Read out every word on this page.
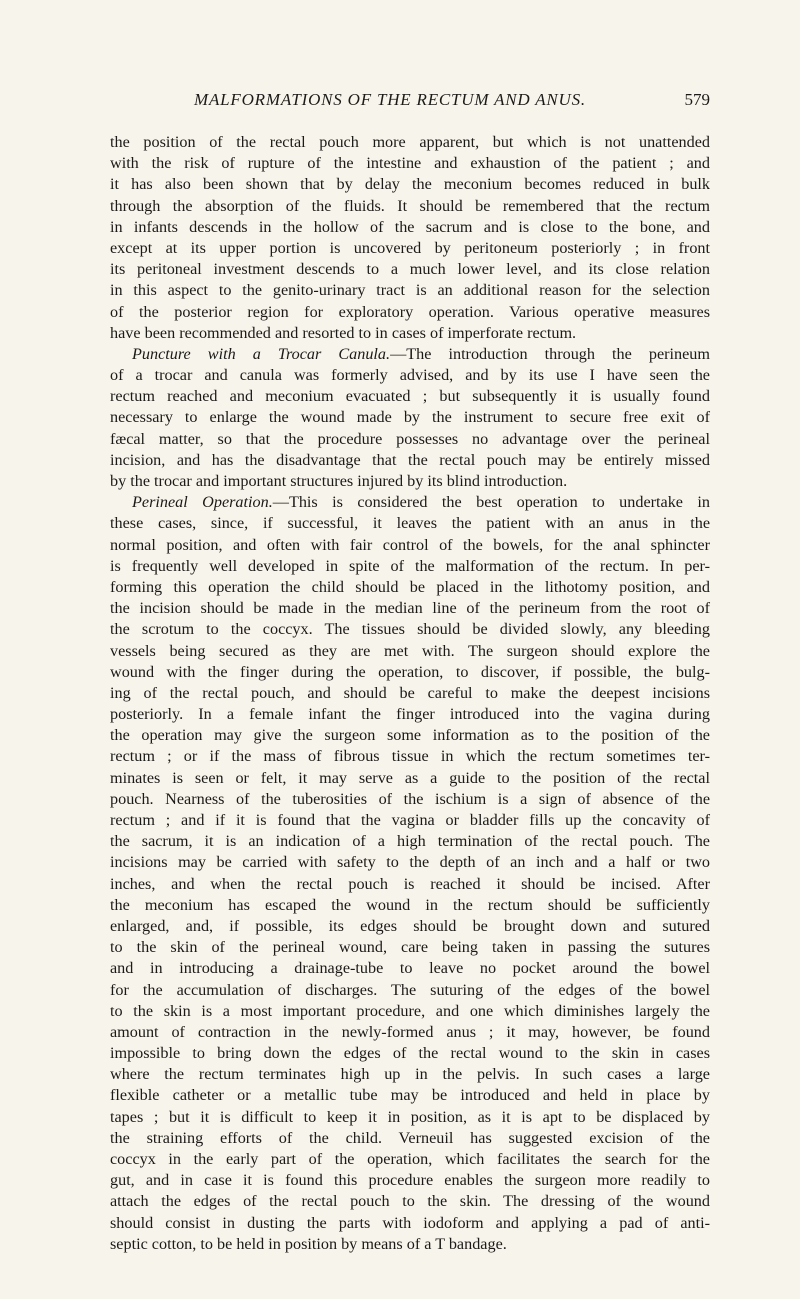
MALFORMATIONS OF THE RECTUM AND ANUS.	579
the position of the rectal pouch more apparent, but which is not unattended
with the risk of rupture of the intestine and exhaustion of the patient ; and
it has also been shown that by delay the meconium becomes reduced in bulk
through the absorption of the fluids. It should be remembered that the rectum
in infants descends in the hollow of the sacrum and is close to the bone, and
except at its upper portion is uncovered by peritoneum posteriorly ; in front
its peritoneal investment descends to a much lower level, and its close relation
in this aspect to the genito-urinary tract is an additional reason for the selection
of the posterior region for exploratory operation. Various operative measures
have been recommended and resorted to in cases of imperforate rectum.
Puncture with a Trocar Canula.—The introduction through the perineum
of a trocar and canula was formerly advised, and by its use I have seen the
rectum reached and meconium evacuated ; but subsequently it is usually found
necessary to enlarge the wound made by the instrument to secure free exit of
fæcal matter, so that the procedure possesses no advantage over the perineal
incision, and has the disadvantage that the rectal pouch may be entirely missed
by the trocar and important structures injured by its blind introduction.
Perineal Operation.—This is considered the best operation to undertake in
these cases, since, if successful, it leaves the patient with an anus in the
normal position, and often with fair control of the bowels, for the anal sphincter
is frequently well developed in spite of the malformation of the rectum. In per-
forming this operation the child should be placed in the lithotomy position, and
the incision should be made in the median line of the perineum from the root of
the scrotum to the coccyx. The tissues should be divided slowly, any bleeding
vessels being secured as they are met with. The surgeon should explore the
wound with the finger during the operation, to discover, if possible, the bulg-
ing of the rectal pouch, and should be careful to make the deepest incisions
posteriorly. In a female infant the finger introduced into the vagina during
the operation may give the surgeon some information as to the position of the
rectum ; or if the mass of fibrous tissue in which the rectum sometimes ter-
minates is seen or felt, it may serve as a guide to the position of the rectal
pouch. Nearness of the tuberosities of the ischium is a sign of absence of the
rectum ; and if it is found that the vagina or bladder fills up the concavity of
the sacrum, it is an indication of a high termination of the rectal pouch. The
incisions may be carried with safety to the depth of an inch and a half or two
inches, and when the rectal pouch is reached it should be incised. After
the meconium has escaped the wound in the rectum should be sufficiently
enlarged, and, if possible, its edges should be brought down and sutured
to the skin of the perineal wound, care being taken in passing the sutures
and in introducing a drainage-tube to leave no pocket around the bowel
for the accumulation of discharges. The suturing of the edges of the bowel
to the skin is a most important procedure, and one which diminishes largely the
amount of contraction in the newly-formed anus ; it may, however, be found
impossible to bring down the edges of the rectal wound to the skin in cases
where the rectum terminates high up in the pelvis. In such cases a large
flexible catheter or a metallic tube may be introduced and held in place by
tapes ; but it is difficult to keep it in position, as it is apt to be displaced by
the straining efforts of the child. Verneuil has suggested excision of the
coccyx in the early part of the operation, which facilitates the search for the
gut, and in case it is found this procedure enables the surgeon more readily to
attach the edges of the rectal pouch to the skin. The dressing of the wound
should consist in dusting the parts with iodoform and applying a pad of anti-
septic cotton, to be held in position by means of a T bandage.
